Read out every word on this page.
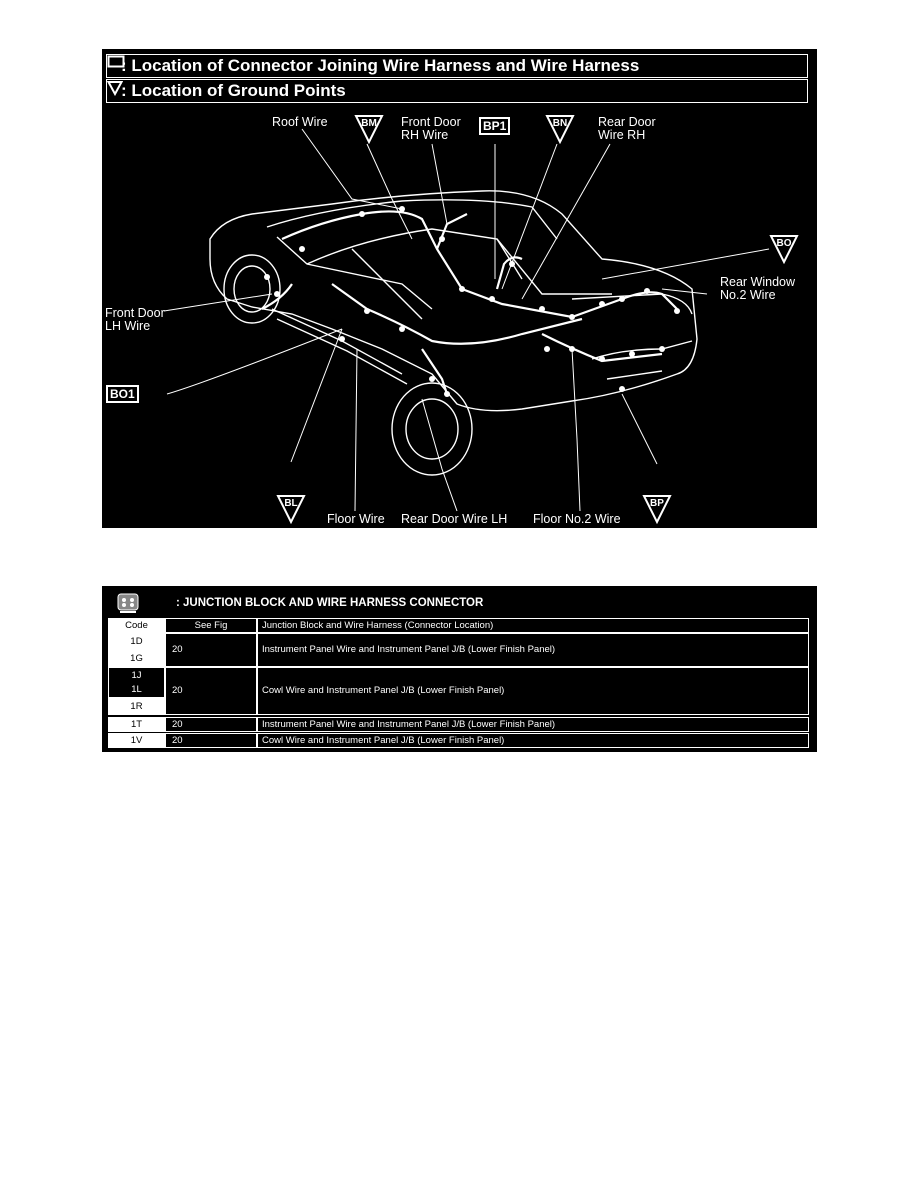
: Location of Connector Joining Wire Harness and Wire Harness
: Location of Ground Points
Roof Wire	Front Door
RH Wire
Rear Door
Wire RH
Rear Window
No.2 Wire
Front Door
LH Wire
Floor Wire Rear Door Wire LH Floor No.2 Wire
BP1
BO1
BM	BN
BO
BL	BP
: JUNCTION BLOCK AND WIRE HARNESS CONNECTOR
Code	See Fig	Junction Block and Wire Harness (Connector Location)
1D
1G
20	Instrument Panel Wire and Instrument Panel J/B (Lower Finish Panel)
1J
1L
1R
20	Cowl Wire and Instrument Panel J/B (Lower Finish Panel)
1T	20	Instrument Panel Wire and Instrument Panel J/B (Lower Finish Panel)
1V	20	Cowl Wire and Instrument Panel J/B (Lower Finish Panel)
